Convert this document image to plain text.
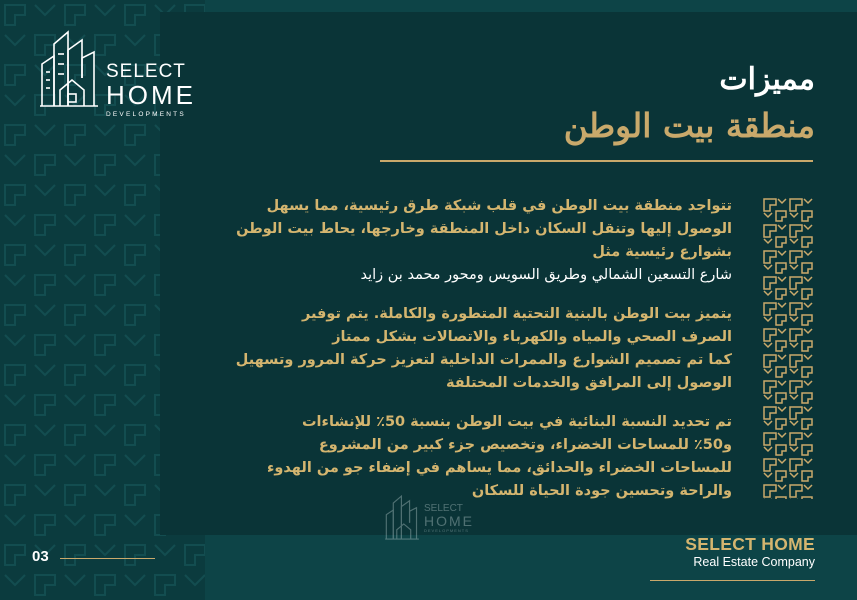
SELECT
HOME
DEVELOPMENTS
مميزات
منطقة بيت الوطن
تتواجد منطقة بيت الوطن في قلب شبكة طرق رئيسية، مما يسهل
الوصول إليها وتنقل السكان داخل المنطقة وخارجها، يحاط بيت الوطن
بشوارع رئيسية مثل
شارع التسعين الشمالي وطريق السويس ومحور محمد بن زايد
يتميز بيت الوطن بالبنية التحتية المتطورة والكاملة. يتم توفير
الصرف الصحي والمياه والكهرباء والاتصالات بشكل ممتاز
كما تم تصميم الشوارع والممرات الداخلية لتعزيز حركة المرور وتسهيل
الوصول إلى المرافق والخدمات المختلفة
تم تحديد النسبة البنائية في بيت الوطن بنسبة 50٪ للإنشاءات
و50٪ للمساحات الخضراء، وتخصيص جزء كبير من المشروع
للمساحات الخضراء والحدائق، مما يساهم في إضفاء جو من الهدوء
والراحة وتحسين جودة الحياة للسكان
SELECT
HOME
DEVELOPMENTS
03
SELECT HOME
Real Estate Company
